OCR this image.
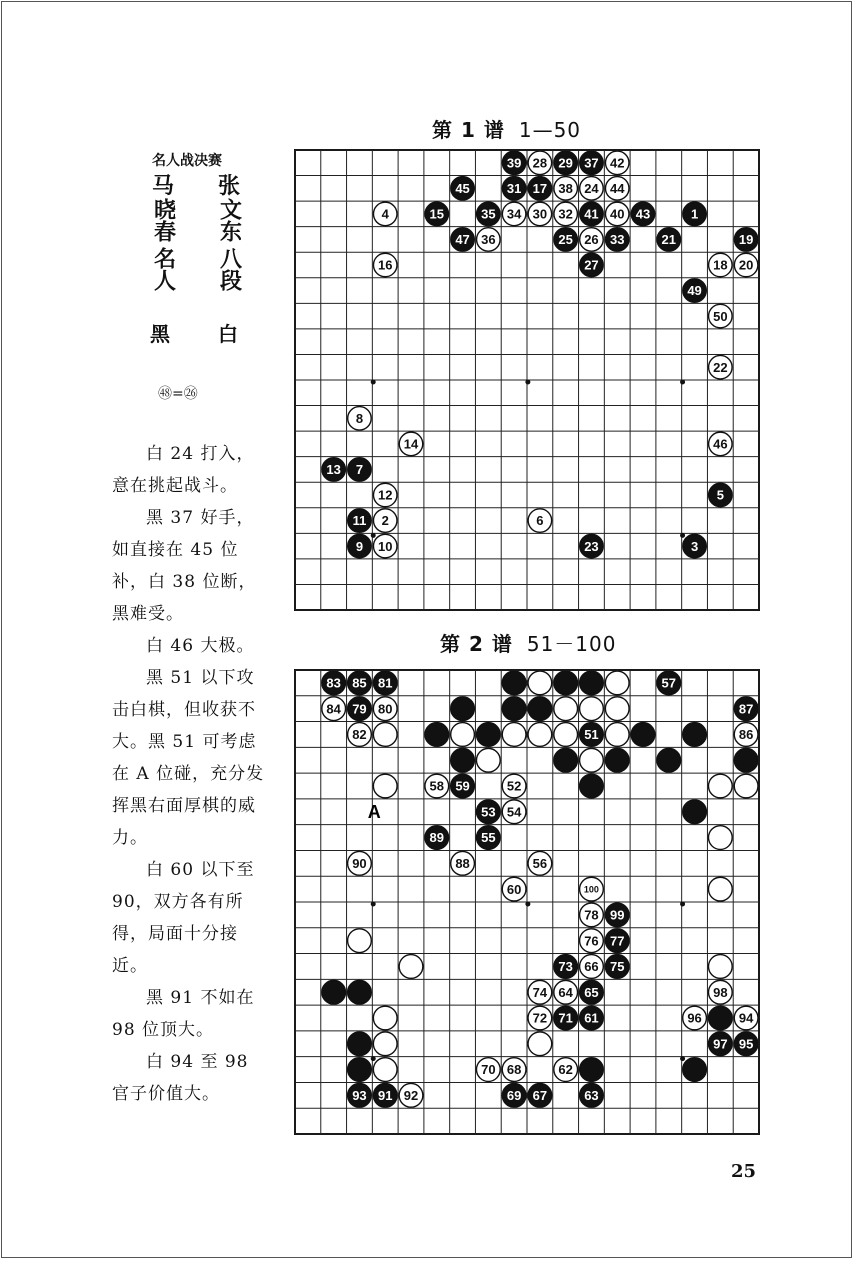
名人战决赛
马
晓春 名人
张
文东 八段
黑 白
㊽=㉖

白 24 打入，意在挑起战斗。

黑 37 好手，如直接在 45 位补，白 38 位断，黑难受。

白 46 大极。

黑 51 以下攻击白棋，但收获不大。黑 51 可考虑在 A 位碰，充分发挥黑右面厚棋的威力。

白 60 以下至 90，双方各有所得，局面十分接近。

黑 91 不如在 98 位顶大。

白 94 至 98 官子价值大。

第 1 谱 1—50
第 2 谱 51－100
39 28 29 37 42
45	31 17 38 24 44
4	15	35 34 30 32 41 40 43	1
47 36	25 26 33	21	19
16	27	18 20
49
50
22
8
14	46
13 7
12	5
11 2	6
9 10	23	3
A
83 85 81	57
84 79 80	87
82	51	86
58 59	52
53 54
89	55
90	88	56
60	100
78 99
76 77
73 66 75
74 64 65	98
72 71 61	96	94
97 95
70 68	62
93 91 92	69 67	63
25
